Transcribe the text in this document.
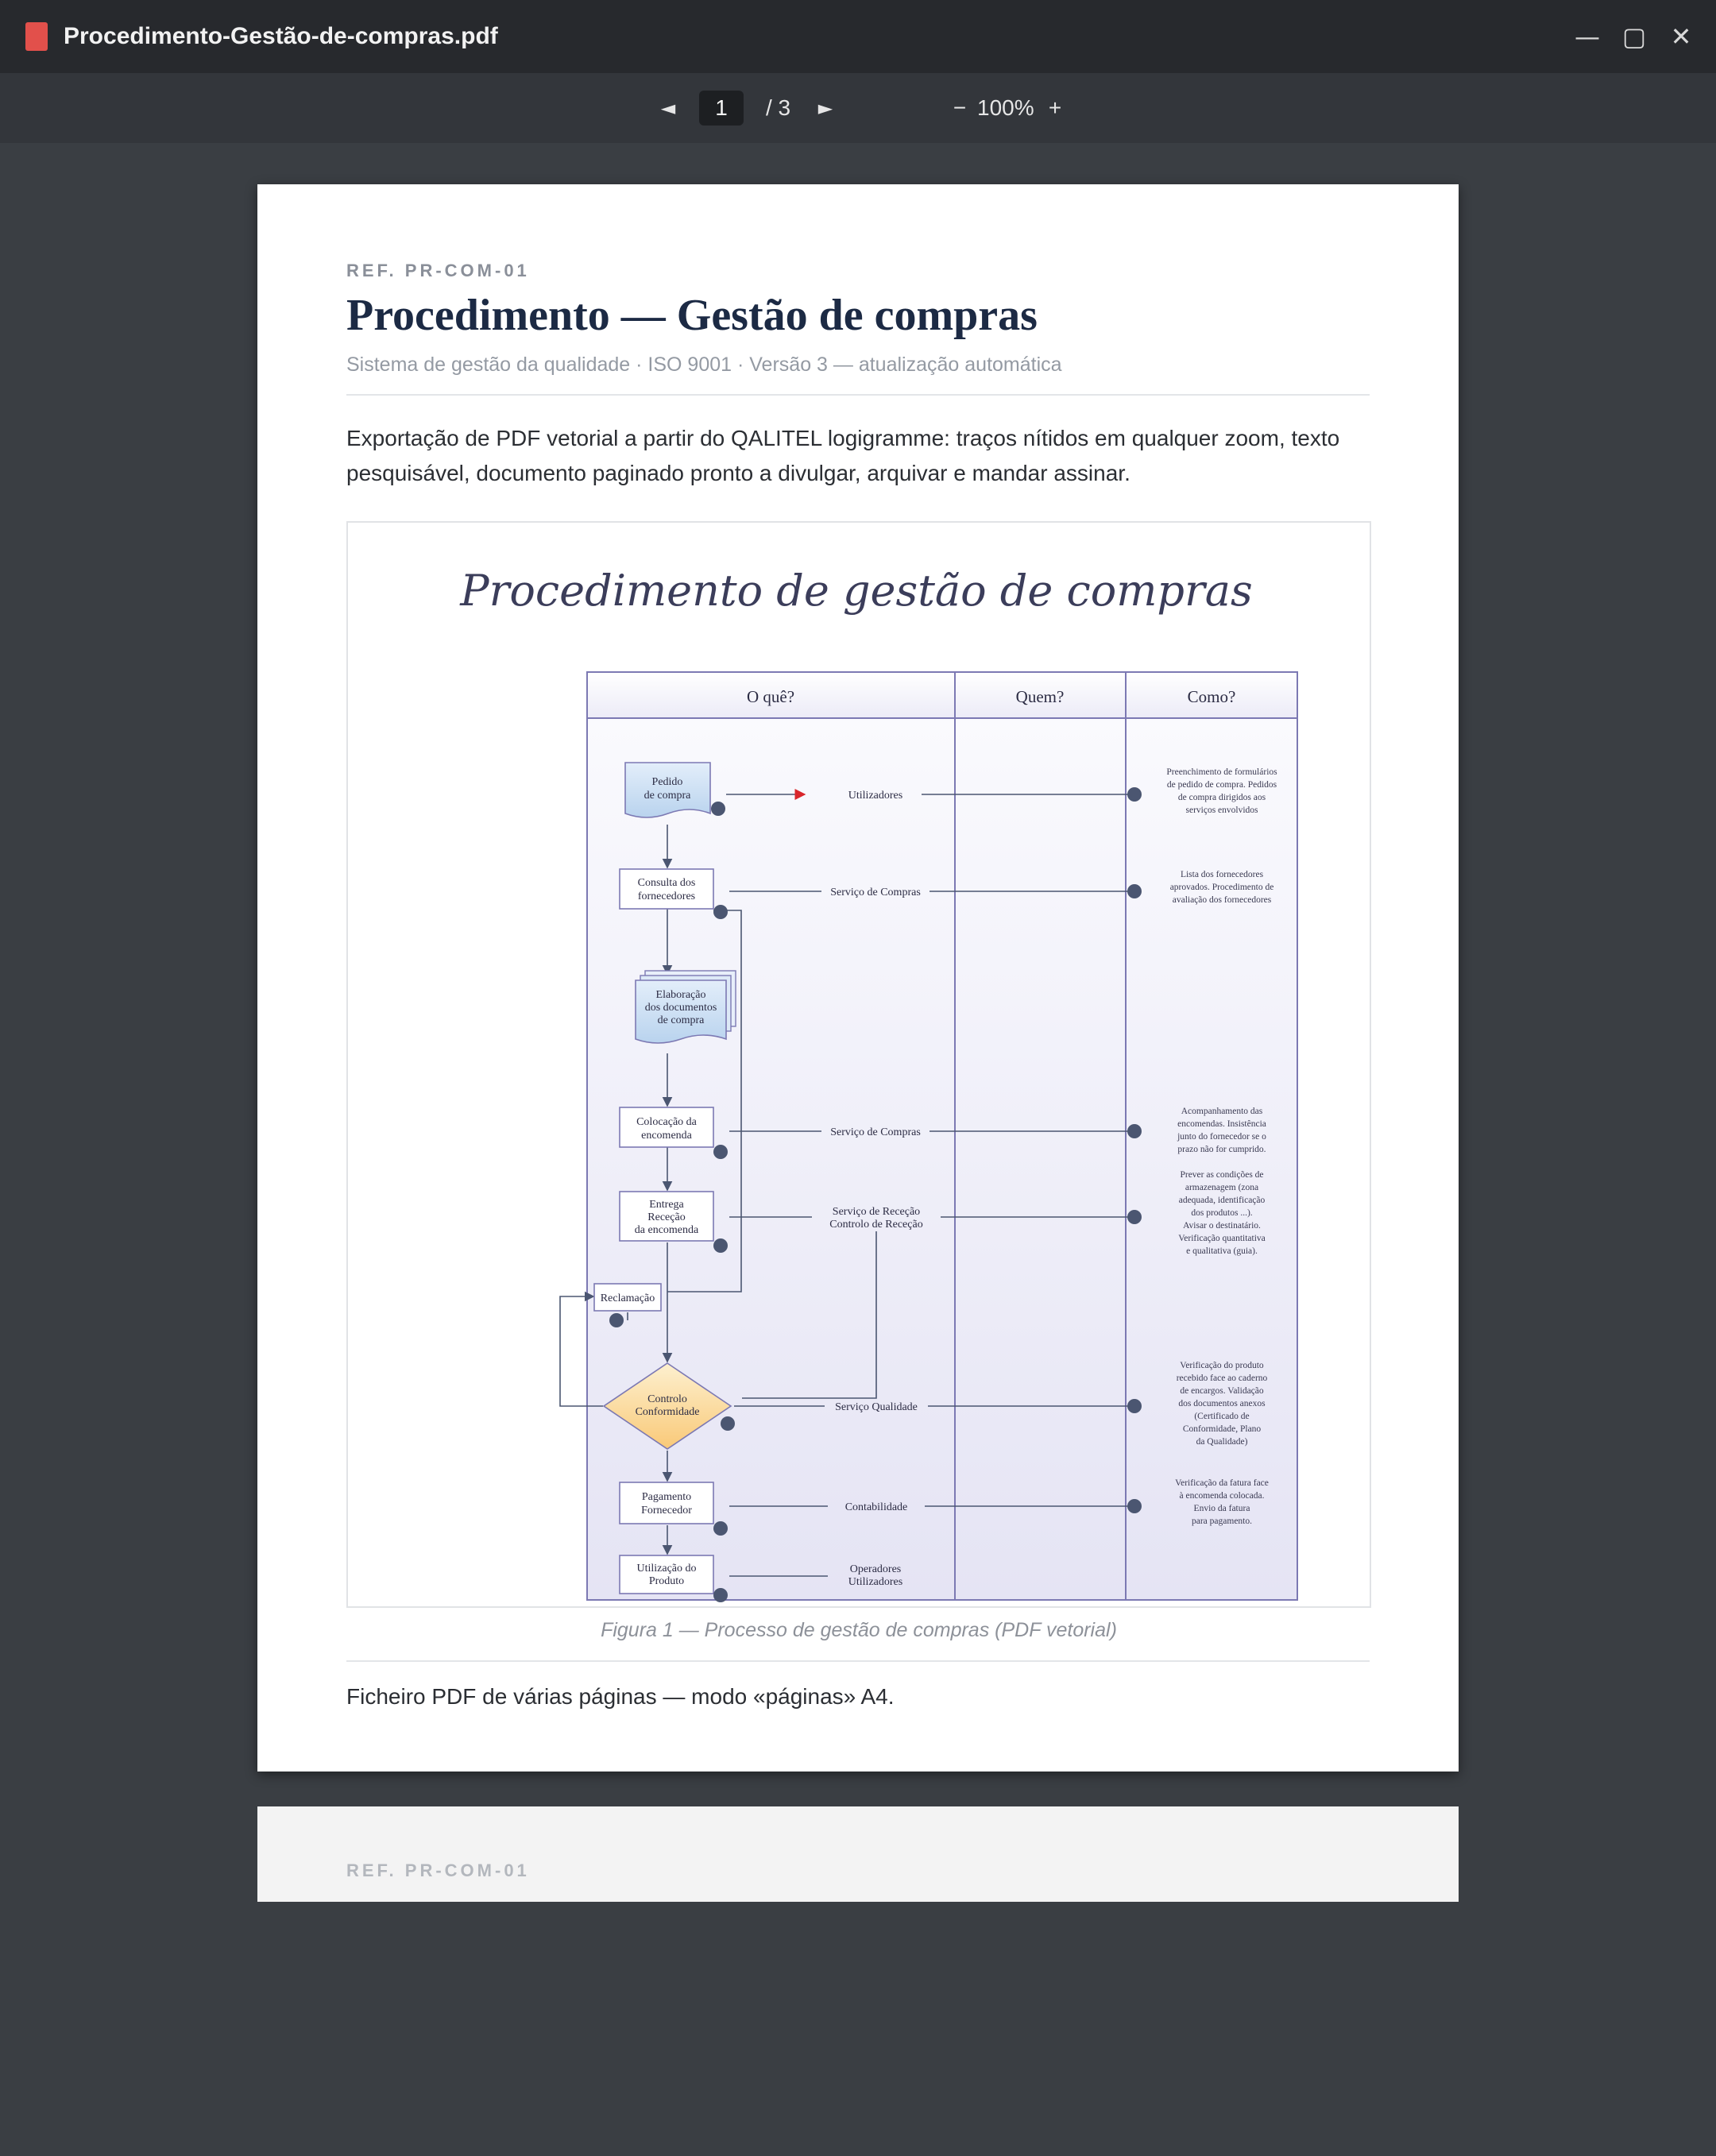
Procedimento-Gestão-de-compras.pdf	— ▢ ✕
◄	1	/ 3 ►	− 100% +
REF. PR-COM-01
Procedimento — Gestão de compras
Sistema de gestão da qualidade · ISO 9001 · Versão 3 — atualização automática
Exportação de PDF vetorial a partir do QALITEL logigramme: traços nítidos em qualquer zoom, texto pesquisável, documento paginado pronto a divulgar, arquivar e mandar assinar.
Procedimento de gestão de compras
O quê?	Quem?	Como?
Pedido
de compra
Consulta dos
fornecedores
Elaboração
dos documentos
de compra
Colocação da
encomenda
Entrega
Receção
da encomenda
Reclamação
Controlo
Conformidade
Pagamento
Fornecedor
Utilização do
Produto
Utilizadores
Serviço de Compras
Serviço de Compras
Serviço de Receção
Controlo de Receção
Serviço Qualidade
Contabilidade
Operadores
Utilizadores
Preenchimento de formulários
de pedido de compra. Pedidos
de compra dirigidos aos
serviços envolvidos
Lista dos fornecedores
aprovados. Procedimento de
avaliação dos fornecedores
Acompanhamento das
encomendas. Insistência
junto do fornecedor se o
prazo não for cumprido.
Prever as condições de
armazenagem (zona
adequada, identificação
dos produtos ...).
Avisar o destinatário.
Verificação quantitativa
e qualitativa (guia).
Verificação do produto
recebido face ao caderno
de encargos. Validação
dos documentos anexos
(Certificado de
Conformidade, Plano
da Qualidade)
Verificação da fatura face
à encomenda colocada.
Envio da fatura
para pagamento.
Figura 1 — Processo de gestão de compras (PDF vetorial)
Ficheiro PDF de várias páginas — modo «páginas» A4.
REF. PR-COM-01
